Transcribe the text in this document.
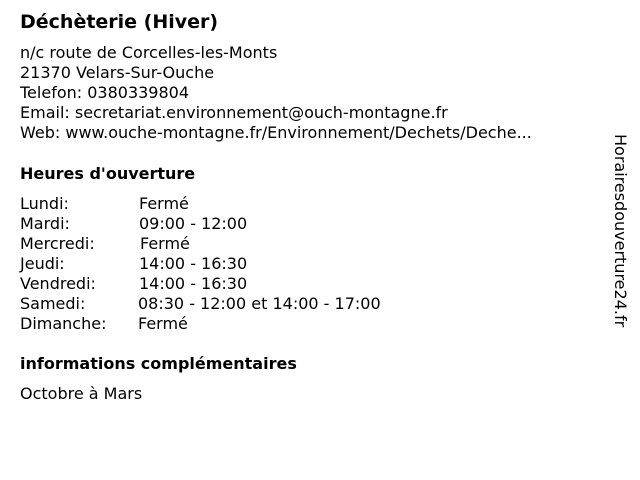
Déchèterie (Hiver)
n/c route de Corcelles-les-Monts
21370 Velars-Sur-Ouche
Telefon: 0380339804
Email: secretariat.environnement@ouch-montagne.fr
Web: www.ouche-montagne.fr/Environnement/Dechets/Deche...
Heures d'ouverture
Lundi:	Fermé
Mardi:	09:00 - 12:00
Mercredi:	Fermé
Jeudi:	14:00 - 16:30
Vendredi:	14:00 - 16:30
Samedi:	08:30 - 12:00 et 14:00 - 17:00
Dimanche: Fermé
informations complémentaires
Octobre à Mars
Horairesdouverture24.fr
